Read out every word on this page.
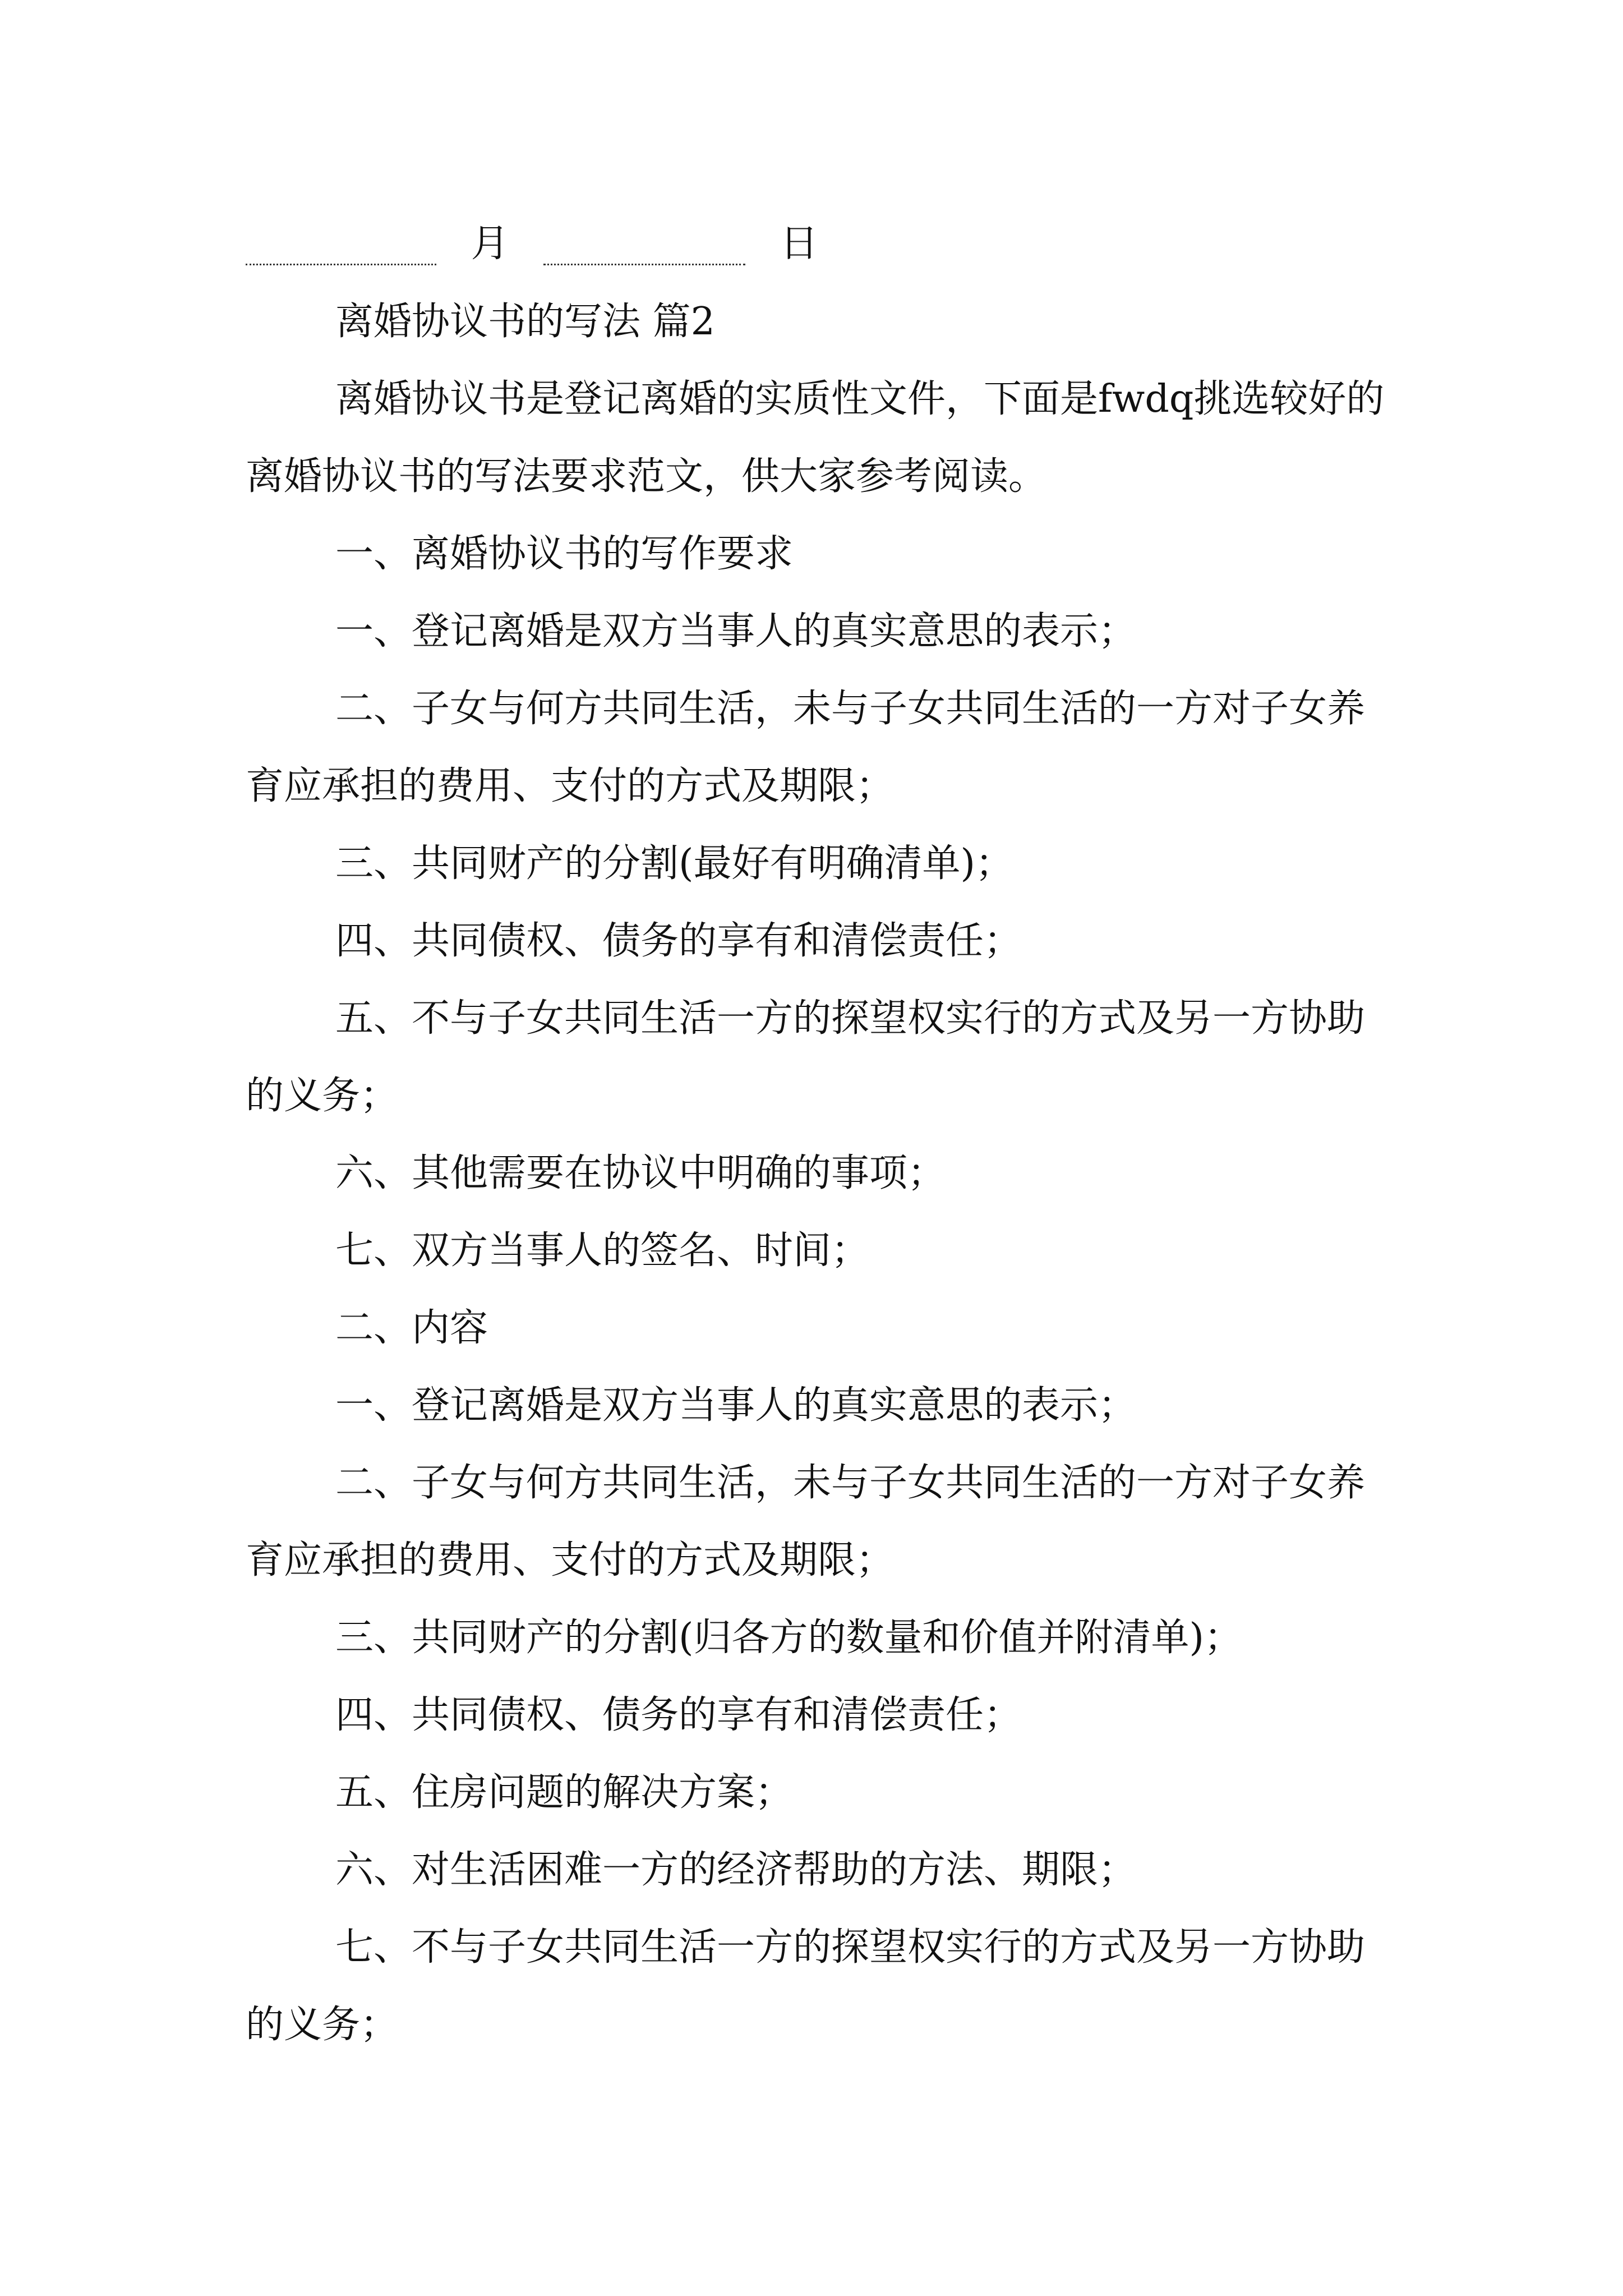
月	日

离婚协议书的写法 篇2

离婚协议书是登记离婚的实质性文件，下面是fwdq挑选较好的离婚协议书的写法要求范文，供大家参考阅读。

一、离婚协议书的写作要求

一、登记离婚是双方当事人的真实意思的表示；

二、子女与何方共同生活，未与子女共同生活的一方对子女养育应承担的费用、支付的方式及期限；

三、共同财产的分割(最好有明确清单)；

四、共同债权、债务的享有和清偿责任；

五、不与子女共同生活一方的探望权实行的方式及另一方协助的义务；

六、其他需要在协议中明确的事项；

七、双方当事人的签名、时间；

二、内容

一、登记离婚是双方当事人的真实意思的表示；

二、子女与何方共同生活，未与子女共同生活的一方对子女养育应承担的费用、支付的方式及期限；

三、共同财产的分割(归各方的数量和价值并附清单)；

四、共同债权、债务的享有和清偿责任；

五、住房问题的解决方案；

六、对生活困难一方的经济帮助的方法、期限；

七、不与子女共同生活一方的探望权实行的方式及另一方协助的义务；
